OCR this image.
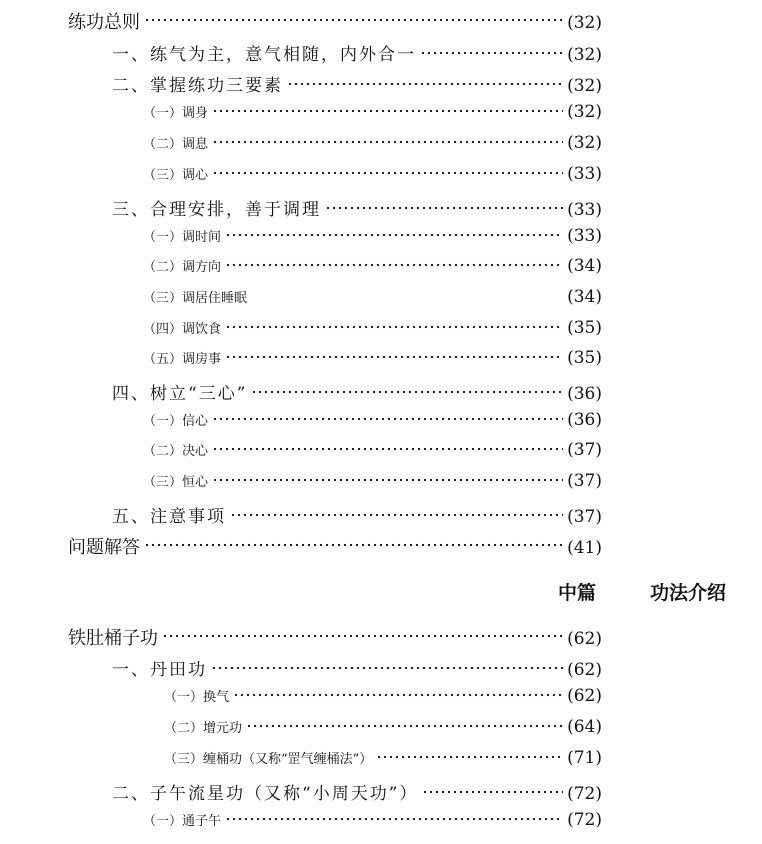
练功总则	(32)
一、练气为主，意气相随，内外合一	(32)
二、掌握练功三要素	(32)
（一）调身	(32)
（二）调息	(32)
（三）调心	(33)
三、合理安排，善于调理	(33)
（一）调时间	(33)
（二）调方向	(34)
（三）调居住睡眠	(34)
（四）调饮食	(35)
（五）调房事	(35)
四、树立“三心”	(36)
（一）信心	(36)
（二）决心	(37)
（三）恒心	(37)
五、注意事项	(37)
问题解答	(41)
中篇	功法介绍
铁肚桶子功	(62)
一、丹田功	(62)
（一）换气	(62)
（二）增元功	(64)
（三）缠桶功（又称“罡气缠桶法”）	(71)
二、子午流星功（又称“小周天功”）	(72)
（一）通子午	(72)
